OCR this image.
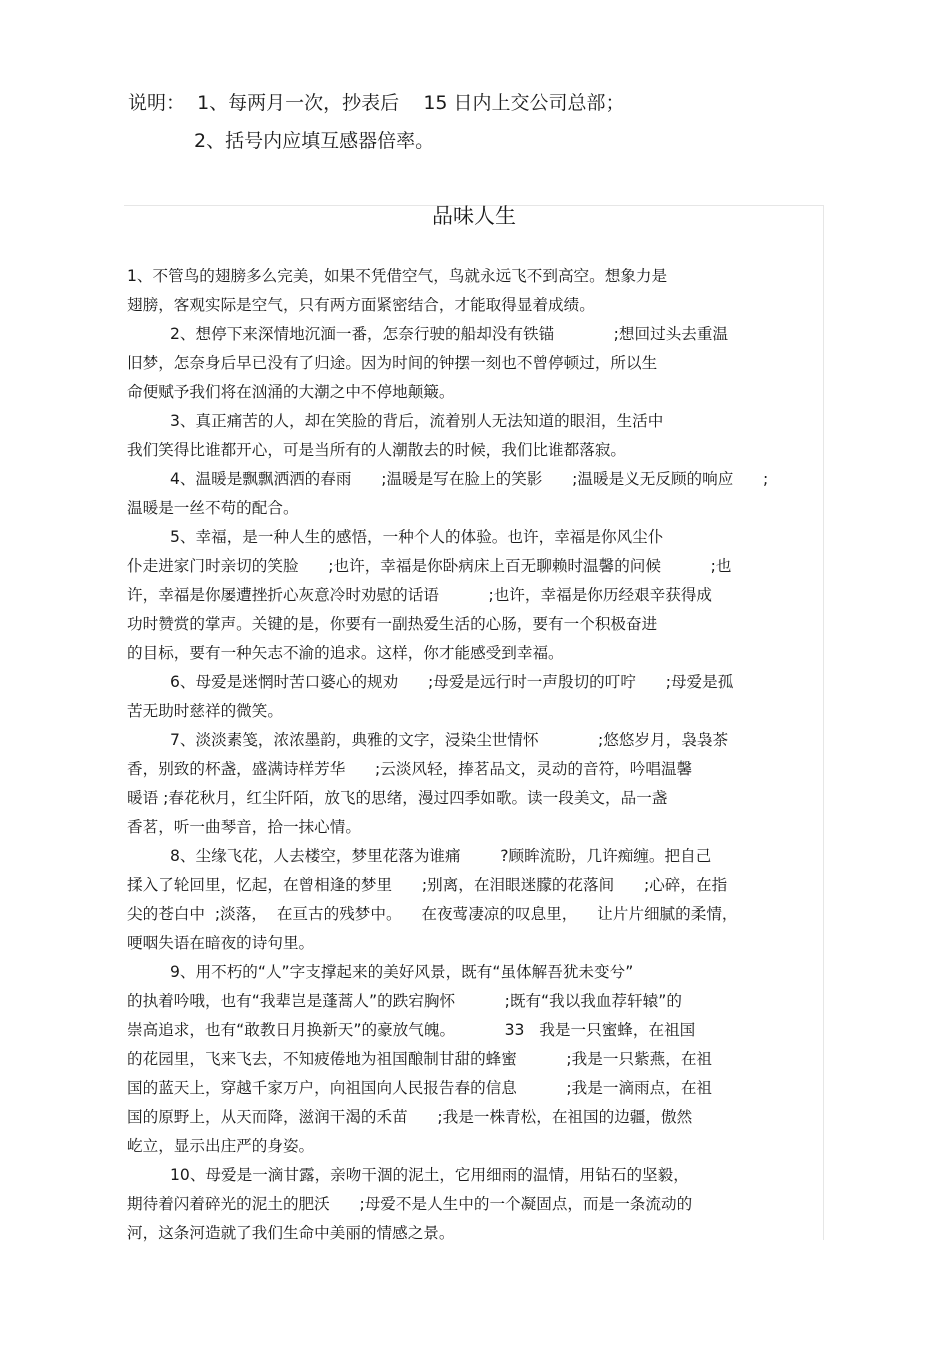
说明：  1、每两月一次，抄表后    15 日内上交公司总部；
2、括号内应填互感器倍率。
品味人生
1、不管鸟的翅膀多么完美，如果不凭借空气，鸟就永远飞不到高空。想象力是
翅膀，客观实际是空气，只有两方面紧密结合，才能取得显着成绩。
2、想停下来深情地沉湎一番，怎奈行驶的船却没有铁锚            ;想回过头去重温
旧梦，怎奈身后早已没有了归途。因为时间的钟摆一刻也不曾停顿过，所以生
命便赋予我们将在汹涌的大潮之中不停地颠簸。
3、真正痛苦的人，却在笑脸的背后，流着别人无法知道的眼泪，生活中
我们笑得比谁都开心，可是当所有的人潮散去的时候，我们比谁都落寂。
4、温暖是飘飘洒洒的春雨      ;温暖是写在脸上的笑影      ;温暖是义无反顾的响应      ;
温暖是一丝不苟的配合。
5、幸福，是一种人生的感悟，一种个人的体验。也许，幸福是你风尘仆
仆走进家门时亲切的笑脸      ;也许，幸福是你卧病床上百无聊赖时温馨的问候          ;也
许，幸福是你屡遭挫折心灰意冷时劝慰的话语          ;也许，幸福是你历经艰辛获得成
功时赞赏的掌声。关键的是，你要有一副热爱生活的心肠，要有一个积极奋进
的目标，要有一种矢志不渝的追求。这样，你才能感受到幸福。
6、母爱是迷惘时苦口婆心的规劝      ;母爱是远行时一声殷切的叮咛      ;母爱是孤
苦无助时慈祥的微笑。
7、淡淡素笺，浓浓墨韵，典雅的文字，浸染尘世情怀            ;悠悠岁月，袅袅茶
香，别致的杯盏，盛满诗样芳华      ;云淡风轻，捧茗品文，灵动的音符，吟唱温馨
暖语 ;春花秋月，红尘阡陌，放飞的思绪，漫过四季如歌。读一段美文，品一盏
香茗，听一曲琴音，拾一抹心情。
8、尘缘飞花，人去楼空，梦里花落为谁痛        ?顾眸流盼，几许痴缠。把自己
揉入了轮回里，忆起，在曾相逢的梦里      ;别离，在泪眼迷朦的花落间      ;心碎，在指
尖的苍白中  ;淡落，  在亘古的残梦中。    在夜莺凄凉的叹息里，    让片片细腻的柔情，
哽咽失语在暗夜的诗句里。
9、用不朽的“人”字支撑起来的美好风景，既有“虽体解吾犹未变兮”
的执着吟哦，也有“我辈岂是蓬蒿人”的跌宕胸怀          ;既有“我以我血荐轩辕”的
崇高追求，也有“敢教日月换新天”的豪放气魄。          33   我是一只蜜蜂，在祖国
的花园里，飞来飞去，不知疲倦地为祖国酿制甘甜的蜂蜜          ;我是一只紫燕，在祖
国的蓝天上，穿越千家万户，向祖国向人民报告春的信息          ;我是一滴雨点，在祖
国的原野上，从天而降，滋润干渴的禾苗      ;我是一株青松，在祖国的边疆，傲然
屹立，显示出庄严的身姿。
10、母爱是一滴甘露，亲吻干涸的泥土，它用细雨的温情，用钻石的坚毅，
期待着闪着碎光的泥土的肥沃      ;母爱不是人生中的一个凝固点，而是一条流动的
河，这条河造就了我们生命中美丽的情感之景。
